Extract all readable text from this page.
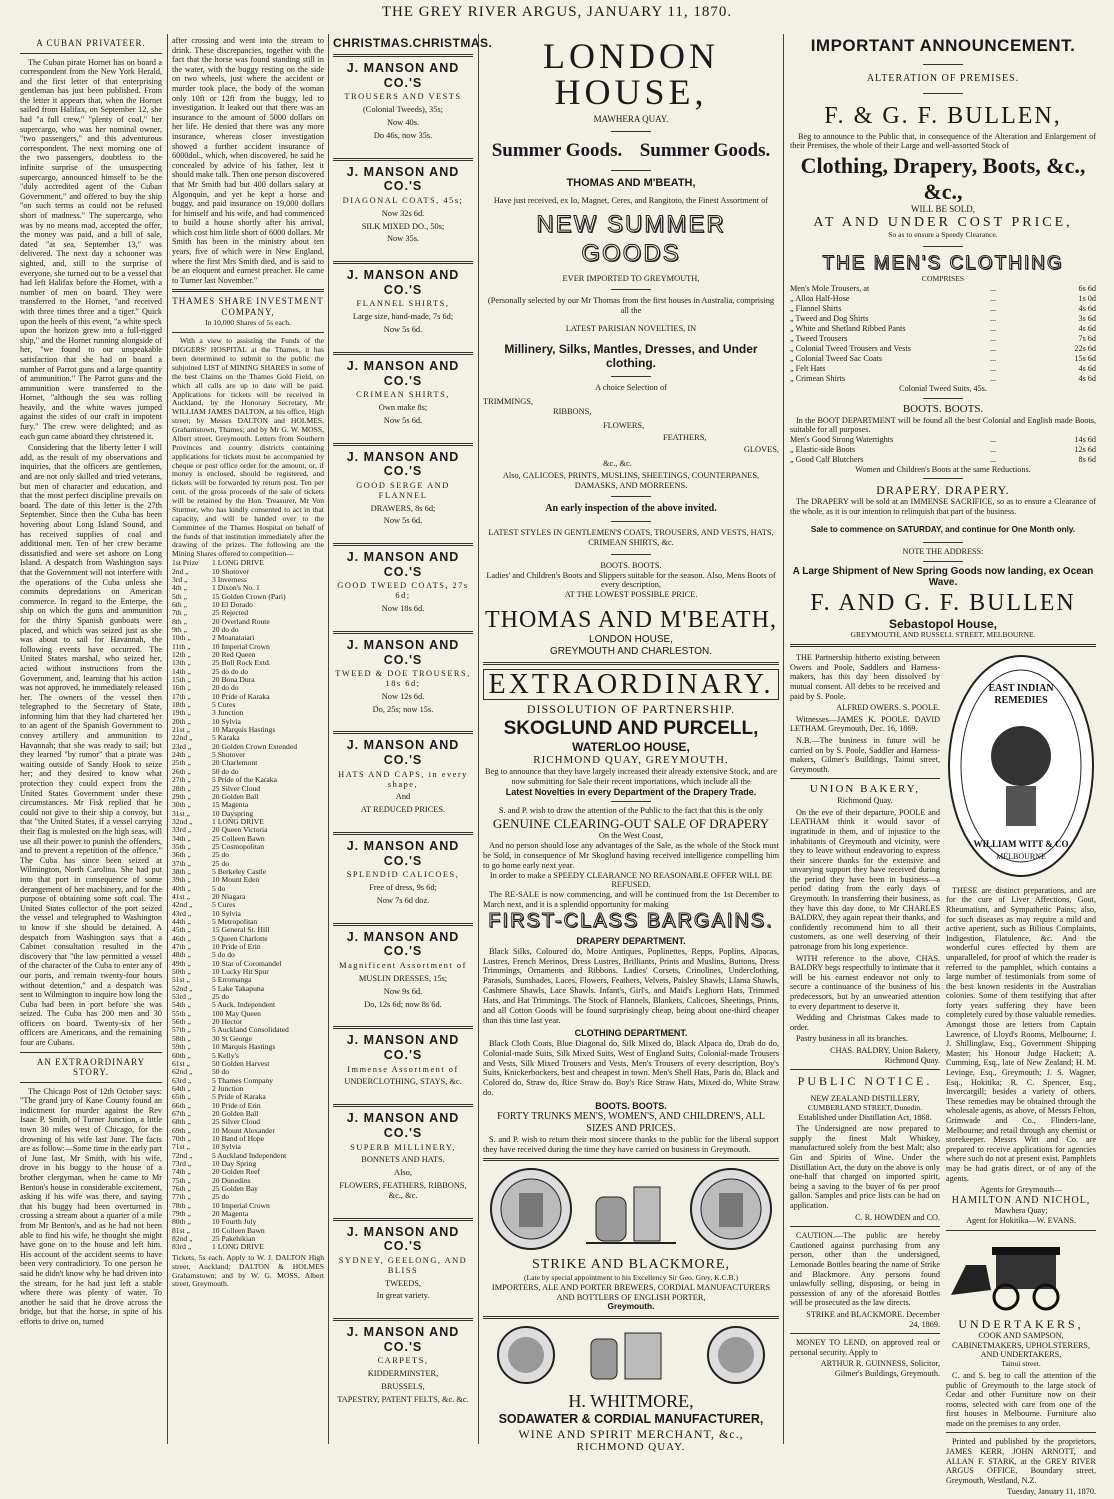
THE GREY RIVER ARGUS, JANUARY 11, 1870.
A CUBAN PRIVATEER.

The Cuban pirate Hornet has on board a correspondent from the New York Herald, and the first letter of that enterprising gentleman has just been published. From the letter it appears that, when the Hornet sailed from Halifax, on September 12, she had "a full crew," "plenty of coal," her supercargo, who was her nominal owner, "two passengers," and this adventurous correspondent. The next morning one of the two passengers, doubtless to the infinite surprise of the unsuspecting supercargo, announced himself to be the "duly accredited agent of the Cuban Government," and offered to buy the ship "on such terms as could not be refused short of madness." The supercargo, who was by no means mad, accepted the offer, the money was paid, and a bill of sale, dated "at sea, September 13," was delivered. The next day a schooner was sighted, and, still to the surprise of everyone, she turned out to be a vessel that had left Halifax before the Hornet, with a number of men on board. They were transferred to the Hornet, "and received with three times three and a tiger." Quick upon the heels of this event, "a white speck upon the horizon grew into a full-rigged ship," and the Hornet running alongside of her, "we found to our unspeakable satisfaction that she had on board a number of Parrot guns and a large quantity of ammunition." The Parrot guns and the ammunition were transferred to the Hornet, "although the sea was rolling heavily, and the white waves jumped against the sides of our craft in impotent fury." The crew were delighted; and as each gun came aboard they christened it.

Considering that the liberty letter I will add, as the result of my observations and inquiries, that the officers are gentlemen, and are not only skilled and tried veterans, but men of character and education, and that the most perfect discipline prevails on board. The date of this letter is the 27th September. Since then the Cuba has been hovering about Long Island Sound, and has received supplies of coal and additional men. Ten of her crew became dissatisfied and were set ashore on Long Island. A despatch from Washington says that the Government will not interfere with the operations of the Cuba unless she commits depredations on American commerce. In regard to the Enterpe, the ship on which the guns and ammunition for the thirty Spanish gunboats were placed, and which was seized just as she was about to sail for Havannah, the following events have occurred. The United States marshal, who seized her, acted without instructions from the Government, and, learning that his action was not approved, he immediately released her. The owners of the vessel then telegraphed to the Secretary of State, informing him that they had chartered her to an agent of the Spanish Government to convey artillery and ammunition to Havannah; that she was ready to sail; but they learned "by rumor" that a pirate was waiting outside of Sandy Hook to seize her; and they desired to know what protection they could expect from the United States Government under these circumstances. Mr Fisk replied that he could not give to their ship a convoy, but that "the United States, if a vessel carrying their flag is molested on the high seas, will use all their power to punish the offenders, and to prevent a repetition of the offence." The Cuba has since been seized at Wilmington, North Carolina. She had put into that port in consequence of some derangement of her machinery, and for the purpose of obtaining some soft coal. The United States collector of the port seized the vessel and telegraphed to Washington to know if she should be detained. A despatch from Washington says that a Cabinet consultation resulted in the discovery that "the law permitted a vessel of the character of the Cuba to enter any of our ports, and remain twenty-four hours without detention," and a despatch was sent to Wilmington to inquire how long the Cuba had been in port before she was seized. The Cuba has 200 men and 30 officers on board. Twenty-six of her officers are Americans, and the remaining four are Cubans.

AN EXTRAORDINARY STORY.

The Chicago Post of 12th October says: "The grand jury of Kane County found an indictment for murder against the Rev Isaac P. Smith, of Turner Junction, a little town 30 miles west of Chicago, for the drowning of his wife last June. The facts are as follow:—Some time in the early part of June last, Mr Smith, with his wife, drove in his buggy to the house of a brother clergyman, when he came to Mr Benton's house in considerable excitement, asking if his wife was there, and saying that his buggy had been overturned in crossing a stream about a quarter of a mile from Mr Benton's, and as he had not been able to find his wife, he thought she might have gone on to the house and left him. His account of the accident seems to have been very contradictory. To one person he said he didn't know why he had driven into the stream, for he had just left a stable where there was plenty of water. To another he said that he drove across the bridge, but that the horse, in spite of his efforts to drive on, turned

after crossing and went into the stream to drink. These discrepancies, together with the fact that the horse was found standing still in the water, with the buggy resting on the side on two wheels, just where the accident or murder took place, the body of the woman only 10ft or 12ft from the buggy, led to investigation. It leaked out that there was an insurance to the amount of 5000 dollars on her life. He denied that there was any more insurance, whereas closer investigation showed a further accident insurance of 6000dol., which, when discovered, he said he concealed by advice of his father, lest it should make talk. Then one person discovered that Mr Smith had but 400 dollars salary at Algonquin, and yet he kept a horse and buggy, and paid insurance on 19,000 dollars for himself and his wife, and had commenced to build a house shortly after his arrival, which cost him little short of 6000 dollars. Mr Smith has been in the ministry about ten years, five of which were in New England, where the first Mrs Smith died, and is said to be an eloquent and earnest preacher. He came to Turner last November."

THAMES SHARE INVESTMENT COMPANY,
In 10,000 Shares of 5s each.

With a view to assisting the Funds of the DIGGERS' HOSPITAL at the Thames, it has been determined to submit to the public the subjoined LIST of MINING SHARES in some of the best Claims on the Thames Gold Field, on which all calls are up to date will be paid. Applications for tickets will be received in Auckland, by the Honorary Secretary, Mr WILLIAM JAMES DALTON, at his office, High street; by Messrs DALTON and HOLMES, Grahamstown, Thames; and by Mr G. W. MOSS, Albert street, Greymouth. Letters from Southern Provinces and country districts containing applications for tickets must be accompanied by cheque or post office order for the amount, or, if money is enclosed, should be registered, and tickets will be forwarded by return post. Ten per cent. of the gross proceeds of the sale of tickets will be retained by the Hon. Treasurer, Mr Von Sturmer, who has kindly consented to act in that capacity, and will be handed over to the Committee of the Thames Hospital on behalf of the funds of that institution immediately after the drawing of the prizes. The following are the Mining Shares offered to competition—

1st Prize	1 LONG DRIVE
2nd „	10 Shotover
3rd „	3 Inverness
4th „	1 Dixon's No. 1
5th „	15 Golden Crown (Pari)
6th „	10 El Dorado
7th „	25 Rejected
8th „	20 Overland Route
9th „	20 do do
10th „	2 Moanataiari
11th „	10 Imperial Crown
12th „	20 Red Queen
13th „	25 Bull Rock Extd.
14th „	25 do do do
15th „	20 Bona Dura
16th „	20 do do
17th „	10 Pride of Karaka
18th „	5 Cures
19th „	3 Junction
20th „	10 Sylvia
21st „	10 Marquis Hastings
22nd „	5 Karaka
23rd „	20 Golden Crown Extended
24th „	5 Shotover
25th „	20 Charlemont
26th „	50 do do
27th „	5 Pride of the Karaka
28th „	25 Silver Cloud
29th „	20 Golden Ball
30th „	15 Magenta
31st „	10 Dayspring
32nd „	1 LONG DRIVE
33rd „	20 Queen Victoria
34th „	25 Colleen Bawn
35th „	25 Cosmopolitan
36th „	25 do
37th „	25 do
38th „	5 Berkeley Castle
39th „	10 Mount Eden
40th „	5 do
41st „	20 Niagara
42nd „	5 Cures
43rd „	10 Sylvia
44th „	5 Metropolitan
45th „	15 General St. Hill
46th „	5 Queen Charlotte
47th „	10 Pride of Erin
48th „	5 do do
49th „	10 Star of Coromandel
50th „	10 Lucky Hit Spur
51st „	5 Erromanga
52nd „	5 Lake Takapuna
53rd „	25 do
54th „	5 Auck. Independent
55th „	100 May Queen
56th „	20 Hector
57th „	5 Auckland Consolidated
58th „	30 St George
59th „	10 Marquis Hastings
60th „	5 Kelly's
61st „	50 Golden Harvest
62nd „	50 do
63rd „	5 Thames Company
64th „	2 Junction
65th „	5 Pride of Karaka
66th „	10 Pride of Erin
67th „	20 Golden Ball
68th „	25 Silver Cloud
69th „	10 Mount Alexander
70th „	10 Band of Hope
71st „	10 Sylvia
72nd „	5 Auckland Independent
73rd „	10 Day Spring
74th „	20 Golden Reef
75th „	20 Dunedins
76th „	25 Golden Bay
77th „	25 do
78th „	10 Imperial Crown
79th „	20 Magenta
80th „	10 Fourth July
81st „	10 Colleen Bawn
82nd „	25 Pakehikian
83rd „	1 LONG DRIVE

Tickets, 5s each. Apply to W. J. DALTON High street, Auckland; DALTON & HOLMES Grahamstown; and by W. G. MOSS, Albert street, Greymouth.

CHRISTMAS. CHRISTMAS.
J. MANSON AND CO.'S
TROUSERS AND VESTS
(Colonial Tweeds), 35s;
Now 40s.
Do 46s, now 35s.
J. MANSON AND CO.'S
DIAGONAL COATS, 45s;
Now 32s 6d.
SILK MIXED DO., 50s;
Now 35s.
J. MANSON AND CO.'S
FLANNEL SHIRTS,
Large size, hand-made, 7s 6d;
Now 5s 6d.
J. MANSON AND CO.'S
CRIMEAN SHIRTS,
Own make 8s;
Now 5s 6d.
J. MANSON AND CO.'S
GOOD SERGE AND FLANNEL
DRAWERS, 8s 6d;
Now 5s 6d.
J. MANSON AND CO.'S
GOOD TWEED COATS, 27s 6d;
Now 18s 6d.
J. MANSON AND CO.'S
TWEED & DOE TROUSERS, 18s 6d;
Now 12s 6d.
Do, 25s; now 15s.
J. MANSON AND CO.'S
HATS AND CAPS, in every shape,
And
AT REDUCED PRICES.
J. MANSON AND CO.'S
SPLENDID CALICOES,
Free of dress, 9s 6d;
Now 7s 6d doz.
J. MANSON AND CO.'S
Magnificent Assortment of
MUSLIN DRESSES, 15s;
Now 9s 6d.
Do, 12s 6d; now 8s 6d.
J. MANSON AND CO.'S
Immense Assortment of
UNDERCLOTHING, STAYS, &c.
J. MANSON AND CO.'S
SUPERB MILLINERY,
BONNETS AND HATS.
Also,
FLOWERS, FEATHERS, RIBBONS, &c., &c.
J. MANSON AND CO.'S
SYDNEY, GEELONG, AND BLISS
TWEEDS,
In great variety.
J. MANSON AND CO.'S
CARPETS,
KIDDERMINSTER,
BRUSSELS,
TAPESTRY, PATENT FELTS, &c. &c.
LONDON HOUSE,
MAWHERA QUAY.
Summer Goods. Summer Goods.
THOMAS AND M'BEATH,
Have just received, ex Io, Magnet, Ceres, and Rangitoto, the Finest Assortment of
NEW SUMMER GOODS
EVER IMPORTED TO GREYMOUTH,
(Personally selected by our Mr Thomas from the first houses in Australia, comprising all the
LATEST PARISIAN NOVELTIES, IN
Millinery, Silks, Mantles, Dresses, and Under clothing.
A choice Selection of
TRIMMINGS,
RIBBONS,
FLOWERS,
FEATHERS,
GLOVES,
&c., &c.
Also, CALICOES, PRINTS, MUSLINS, SHEETINGS, COUNTERPANES, DAMASKS, AND MORREENS.
An early inspection of the above invited.
LATEST STYLES IN GENTLEMEN'S COATS, TROUSERS, AND VESTS, HATS, CRIMEAN SHIRTS, &c.
BOOTS. BOOTS.
Ladies' and Children's Boots and Slippers suitable for the season. Also, Mens Boots of every description,
AT THE LOWEST POSSIBLE PRICE.
THOMAS AND M'BEATH,
LONDON HOUSE,
GREYMOUTH AND CHARLESTON.
EXTRAORDINARY.
DISSOLUTION OF PARTNERSHIP.
SKOGLUND AND PURCELL,
WATERLOO HOUSE,
RICHMOND QUAY, GREYMOUTH.
Beg to announce that they have largely increased their already extensive Stock, and are now submitting for Sale their recent importations, which include all the
Latest Novelties in every Department of the Drapery Trade.
S. and P. wish to draw the attention of the Public to the fact that this is the only
GENUINE CLEARING-OUT SALE OF DRAPERY
On the West Coast,
And no person should lose any advantages of the Sale, as the whole of the Stock must be Sold, in consequence of Mr Skoglund having received intelligence compelling him to go home early next year.
In order to make a SPEEDY CLEARANCE NO REASONABLE OFFER WILL BE REFUSED.
The RE-SALE is now commencing, and will be continued from the 1st December to March next, and it is a splendid opportunity for making
FIRST-CLASS BARGAINS.
DRAPERY DEPARTMENT.
Black Silks, Coloured do, Moire Antiques, Poplinettes, Repps, Poplins, Alpacas, Lustres, French Merinos, Dress Lustres, Brilliants, Prints and Muslins, Buttons, Dress Trimmings, Ornaments and Ribbons. Ladies' Corsets, Crinolines, Underclothing, Parasols, Sunshades, Laces, Flowers, Feathers, Velvets, Paisley Shawls, Llama Shawls, Cashmere Shawls, Lace Shawls. Infant's, Girl's, and Maid's Leghorn Hats, Trimmed Hats, and Hat Trimmings. The Stock of Flannels, Blankets, Calicoes, Sheetings, Prints, and all Cotton Goods will be found surprisingly cheap, being about one-third cheaper than this time last year.
CLOTHING DEPARTMENT.
Black Cloth Coats, Blue Diagonal do, Silk Mixed do, Black Alpaca do, Drab do do, Colonial-made Suits, Silk Mixed Suits, West of England Suits, Colonial-made Trousers and Vests, Silk Mixed Trousers and Vests, Men's Trousers of every description, Boy's Suits, Knickerbockers, best and cheapest in town. Men's Shell Hats, Paris do, Black and Colored do, Straw do, Rice Straw do. Boy's Rice Straw Hats, Mixed do, White Straw do.
BOOTS. BOOTS.
FORTY TRUNKS MEN'S, WOMEN'S, AND CHILDREN'S, ALL SIZES AND PRICES.
S. and P. wish to return their most sincere thanks to the public for the liberal support they have received during the time they have carried on business in Greymouth.
STRIKE AND BLACKMORE,
(Late by special appointment to his Excellency Sir Geo. Grey, K.C.B.)
IMPORTERS, ALE AND PORTER BREWERS, CORDIAL MANUFACTURERS AND BOTTLERS OF ENGLISH PORTER,
Greymouth.
H. WHITMORE,
SODAWATER & CORDIAL MANUFACTURER,
WINE AND SPIRIT MERCHANT, &c.,
RICHMOND QUAY.
IMPORTANT ANNOUNCEMENT.
ALTERATION OF PREMISES.
F. & G. F. BULLEN,
Beg to announce to the Public that, in consequence of the Alteration and Enlargement of their Premises, the whole of their Large and well-assorted Stock of
Clothing, Drapery, Boots, &c., &c.,
WILL BE SOLD,
AT AND UNDER COST PRICE,
So as to ensure a Speedy Clearance.
THE MEN'S CLOTHING
COMPRISES
Men's Mole Trousers, at	...	6s 6d
„ Alloa Half-Hose	...	1s 0d
„ Flannel Shirts	...	4s 6d
„ Tweed and Dog Shirts	...	3s 6d
„ White and Shetland Ribbed Pants	...	4s 6d
„ Tweed Trousers	...	7s 6d
„ Colonial Tweed Trousers and Vests	...	22s 6d
„ Colonial Tweed Sac Coats	...	15s 6d
„ Felt Hats	...	4s 6d
„ Crimean Shirts	...	4s 6d
Colonial Tweed Suits, 45s.
BOOTS. BOOTS.
In the BOOT DEPARTMENT will be found all the best Colonial and English made Boots, suitable for all purposes.
Men's Good Strong Watertights	...	14s 6d
„ Elastic-side Boots	...	12s 6d
„ Good Calf Blutchers	...	8s 6d
Women and Children's Boots at the same Reductions.
DRAPERY. DRAPERY.
The DRAPERY will be sold at an IMMENSE SACRIFICE, so as to ensure a Clearance of the whole, as it is our intention to relinquish that part of the business.
Sale to commence on SATURDAY, and continue for One Month only.
NOTE THE ADDRESS:
A Large Shipment of New Spring Goods now landing, ex Ocean Wave.
F. AND G. F. BULLEN
Sebastopol House,
GREYMOUTH, AND RUSSELL STREET, MELBOURNE.

THE Partnership hitherto existing between Owers and Poole, Saddlers and Harness-makers, has this day been dissolved by mutual consent. All debts to be received and paid by S. Poole.

ALFRED OWERS. S. POOLE.

Witnesses—JAMES K. POOLE. DAVID LETHAM. Greymouth, Dec. 16, 1869.

N.B.—The business in future will be carried on by S. Poole, Saddler and Harness-makers, Gilmer's Buildings, Tainui street, Greymouth.

UNION BAKERY,
Richmond Quay.

On the eve of their departure, POOLE and LEATHAM think it would savor of ingratitude in them, and of injustice to the inhabitants of Greymouth and vicinity, were they to leave without endeavoring to express their sincere thanks for the extensive and unvarying support they have received during the period they have been in business—a period dating from the early days of Greymouth. In transferring their business, as they have this day done, to Mr CHARLES BALDRY, they again repeat their thanks, and confidently recommend him to all their customers, as one well deserving of their patronage from his long experience.

WITH reference to the above, CHAS. BALDRY begs respectfully to intimate that it will be his earnest endeavor not only to secure a continuance of the business of his predecessors, but by an unwearied attention to every department to deserve it.

Wedding and Christmas Cakes made to order.

Pastry business in all its branches.

CHAS. BALDRY, Union Bakery, Richmond Quay.

PUBLIC NOTICE.
NEW ZEALAND DISTILLERY,
CUMBERLAND STREET, Dunedin.
Established under Distillation Act, 1868.

The Undersigned are now prepared to supply the finest Malt Whiskey, manufactured solely from the best Malt; also Gin and Spirits of Wine. Under the Distillation Act, the duty on the above is only one-half that charged on imported spirit, being a saving to the buyer of 6s per proof gallon. Samples and price lists can be had on application.

C. R. HOWDEN and CO.

CAUTION.—The public are hereby Cautioned against purchasing from any person, other than the undersigned, Lemonade Bottles bearing the name of Strike and Blackmore. Any persons found unlawfully selling, disposing, or being in possession of any of the aforesaid Bottles will be prosecuted as the law directs.

STRIKE and BLACKMORE. December 24, 1869.

MONEY TO LEND, on approved real or personal security. Apply to

ARTHUR R. GUINNESS, Solicitor, Gilmer's Buildings, Greymouth.

EAST INDIAN
REMEDIES
WILLIAM WITT & CO
MELBOURNE

THESE are distinct preparations, and are for the cure of Liver Affections, Gout, Rheumatism, and Sympathetic Pains; also, for such diseases as may require a mild and active aperient, such as Bilious Complaints, Indigestion, Flatulence, &c. And the wonderful cures effected by them are unparalleled, for proof of which the reader is referred to the pamphlet, which contains a large number of testimonials from some of the best known residents in the Australian colonies. Some of them testifying that after forty years suffering they have been completely cured by those valuable remedies. Amongst those are letters from Captain Lawrence, of Lloyd's Rooms, Melbourne; J. J. Shillinglaw, Esq., Government Shipping Master; his Honour Judge Hackett; A. Cumming, Esq., late of New Zealand; H. M. Levinge, Esq., Greymouth; J. S. Wagner, Esq., Hokitika; R. C. Spencer, Esq., Invercargill; besides a variety of others. These remedies may be obtained through the wholesale agents, as above, of Messrs Felton, Grimwade and Co., Flinders-lane, Melbourne; and retail through any chemist or storekeeper. Messrs Witt and Co. are prepared to receive applications for agencies where such do not at present exist. Pamphlets may be had gratis direct, or of any of the agents.

Agents for Greymouth—
HAMILTON AND NICHOL,
Mawhera Quay;
Agent for Hokitika—W. EVANS.
UNDERTAKERS,
COOK AND SAMPSON,
CABINETMAKERS, UPHOLSTERERS, AND UNDERTAKERS,
Tainui street.

C. and S. beg to call the attention of the public of Greymouth to the large stock of Cedar and other Furniture now on their rooms, selected with care from one of the first houses in Melbourne. Furniture also made on the premises to any order.

Printed and published by the proprietors, JAMES KERR, JOHN ARNOTT, and ALLAN F. STARK, at the GREY RIVER ARGUS OFFICE, Boundary street, Greymouth, Westland, N.Z.

Tuesday, January 11, 1870.
